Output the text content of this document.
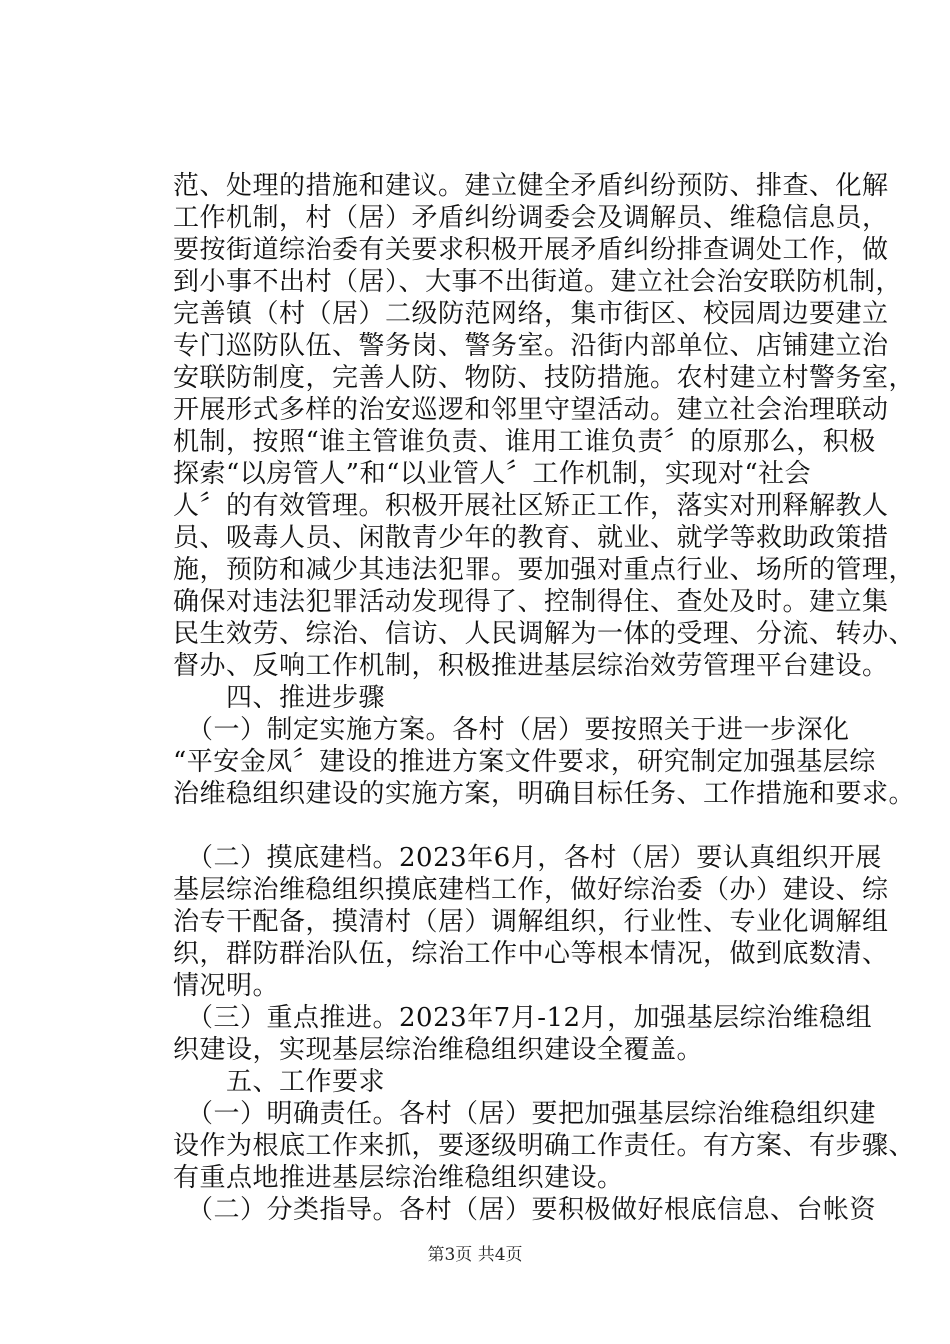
范、处理的措施和建议。建立健全矛盾纠纷预防、排查、化解
工作机制，村（居）矛盾纠纷调委会及调解员、维稳信息员，
要按街道综治委有关要求积极开展矛盾纠纷排查调处工作，做
到小事不出村（居）、大事不出街道。建立社会治安联防机制，
完善镇（村（居）二级防范网络，集市街区、校园周边要建立
专门巡防队伍、警务岗、警务室。沿街内部单位、店铺建立治
安联防制度，完善人防、物防、技防措施。农村建立村警务室，
开展形式多样的治安巡逻和邻里守望活动。建立社会治理联动
机制，按照“谁主管谁负责、谁用工谁负责〞的原那么，积极
探索“以房管人”和“以业管人〞工作机制，实现对“社会
人〞的有效管理。积极开展社区矫正工作，落实对刑释解教人
员、吸毒人员、闲散青少年的教育、就业、就学等救助政策措
施，预防和减少其违法犯罪。要加强对重点行业、场所的管理，
确保对违法犯罪活动发现得了、控制得住、查处及时。建立集
民生效劳、综治、信访、人民调解为一体的受理、分流、转办、
督办、反响工作机制，积极推进基层综治效劳管理平台建设。
四、推进步骤
（一）制定实施方案。各村（居）要按照关于进一步深化
“平安金凤〞建设的推进方案文件要求，研究制定加强基层综
治维稳组织建设的实施方案，明确目标任务、工作措施和要求。
（二）摸底建档。2023年6月，各村（居）要认真组织开展
基层综治维稳组织摸底建档工作，做好综治委（办）建设、综
治专干配备，摸清村（居）调解组织，行业性、专业化调解组
织，群防群治队伍，综治工作中心等根本情况，做到底数清、
情况明。
（三）重点推进。2023年7月-12月，加强基层综治维稳组
织建设，实现基层综治维稳组织建设全覆盖。
五、工作要求
（一）明确责任。各村（居）要把加强基层综治维稳组织建
设作为根底工作来抓，要逐级明确工作责任。有方案、有步骤、
有重点地推进基层综治维稳组织建设。
（二）分类指导。各村（居）要积极做好根底信息、台帐资
第3页 共4页
